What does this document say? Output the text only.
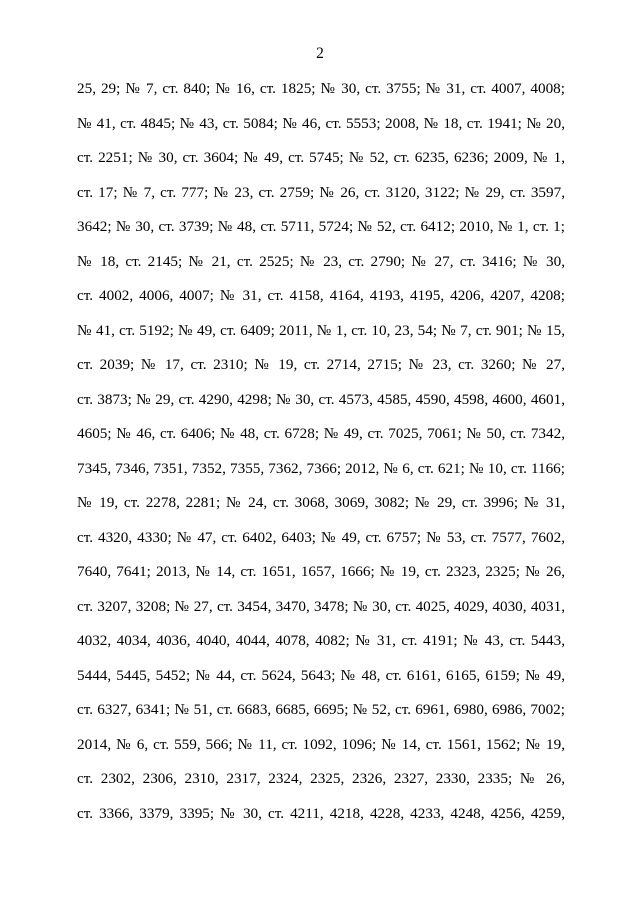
2
25, 29; № 7, ст. 840; № 16, ст. 1825; № 30, ст. 3755; № 31, ст. 4007, 4008;
№ 41, ст. 4845; № 43, ст. 5084; № 46, ст. 5553; 2008, № 18, ст. 1941; № 20,
ст. 2251; № 30, ст. 3604; № 49, ст. 5745; № 52, ст. 6235, 6236; 2009, № 1,
ст. 17; № 7, ст. 777; № 23, ст. 2759; № 26, ст. 3120, 3122; № 29, ст. 3597,
3642; № 30, ст. 3739; № 48, ст. 5711, 5724; № 52, ст. 6412; 2010, № 1, ст. 1;
№ 18, ст. 2145; № 21, ст. 2525; № 23, ст. 2790; № 27, ст. 3416; № 30,
ст. 4002, 4006, 4007; № 31, ст. 4158, 4164, 4193, 4195, 4206, 4207, 4208;
№ 41, ст. 5192; № 49, ст. 6409; 2011, № 1, ст. 10, 23, 54; № 7, ст. 901; № 15,
ст. 2039; № 17, ст. 2310; № 19, ст. 2714, 2715; № 23, ст. 3260; № 27,
ст. 3873; № 29, ст. 4290, 4298; № 30, ст. 4573, 4585, 4590, 4598, 4600, 4601,
4605; № 46, ст. 6406; № 48, ст. 6728; № 49, ст. 7025, 7061; № 50, ст. 7342,
7345, 7346, 7351, 7352, 7355, 7362, 7366; 2012, № 6, ст. 621; № 10, ст. 1166;
№ 19, ст. 2278, 2281; № 24, ст. 3068, 3069, 3082; № 29, ст. 3996; № 31,
ст. 4320, 4330; № 47, ст. 6402, 6403; № 49, ст. 6757; № 53, ст. 7577, 7602,
7640, 7641; 2013, № 14, ст. 1651, 1657, 1666; № 19, ст. 2323, 2325; № 26,
ст. 3207, 3208; № 27, ст. 3454, 3470, 3478; № 30, ст. 4025, 4029, 4030, 4031,
4032, 4034, 4036, 4040, 4044, 4078, 4082; № 31, ст. 4191; № 43, ст. 5443,
5444, 5445, 5452; № 44, ст. 5624, 5643; № 48, ст. 6161, 6165, 6159; № 49,
ст. 6327, 6341; № 51, ст. 6683, 6685, 6695; № 52, ст. 6961, 6980, 6986, 7002;
2014, № 6, ст. 559, 566; № 11, ст. 1092, 1096; № 14, ст. 1561, 1562; № 19,
ст. 2302, 2306, 2310, 2317, 2324, 2325, 2326, 2327, 2330, 2335; № 26,
ст. 3366, 3379, 3395; № 30, ст. 4211, 4218, 4228, 4233, 4248, 4256, 4259,
